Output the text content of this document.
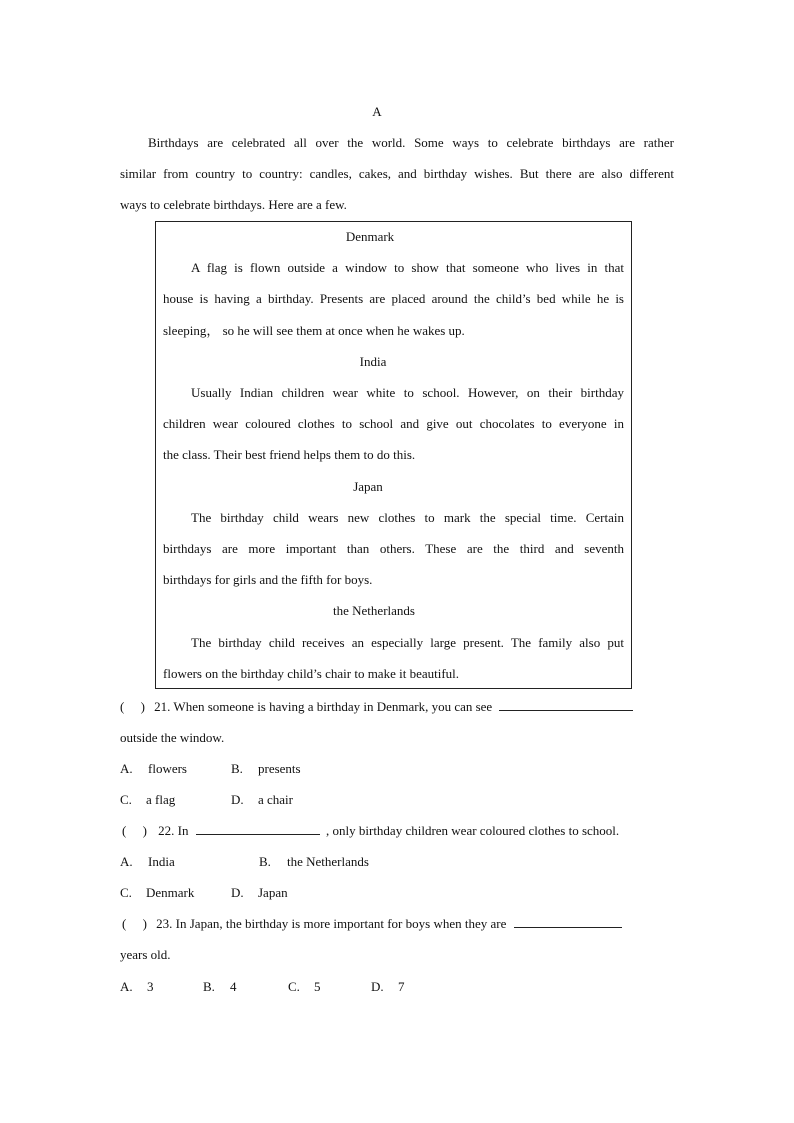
A
Birthdays are celebrated all over the world. Some ways to celebrate birthdays are rather
similar from country to country: candles, cakes, and birthday wishes. But there are also different
ways to celebrate birthdays. Here are a few.
Denmark
A flag is flown outside a window to show that someone who lives in that
house is having a birthday. Presents are placed around the child’s bed while he is
sleeping， so he will see them at once when he wakes up.
India
Usually Indian children wear white to school. However, on their birthday
children wear coloured clothes to school and give out chocolates to everyone in
the class. Their best friend helps them to do this.
Japan
The birthday child wears new clothes to mark the special time. Certain
birthdays are more important than others. These are the third and seventh
birthdays for girls and the fifth for boys.
the Netherlands
The birthday child receives an especially large present. The family also put
flowers on the birthday child’s chair to make it beautiful.
(　 ) 21. When someone is having a birthday in Denmark, you can see
outside the window.
A. flowers	B. presents
C. a flag	D. a chair
(　 ) 22. In	, only birthday children wear coloured clothes to school.
A. India	B. the Netherlands
C. Denmark	D. Japan
(　 ) 23. In Japan, the birthday is more important for boys when they are
years old.
A. 3	B. 4	C. 5	D. 7
